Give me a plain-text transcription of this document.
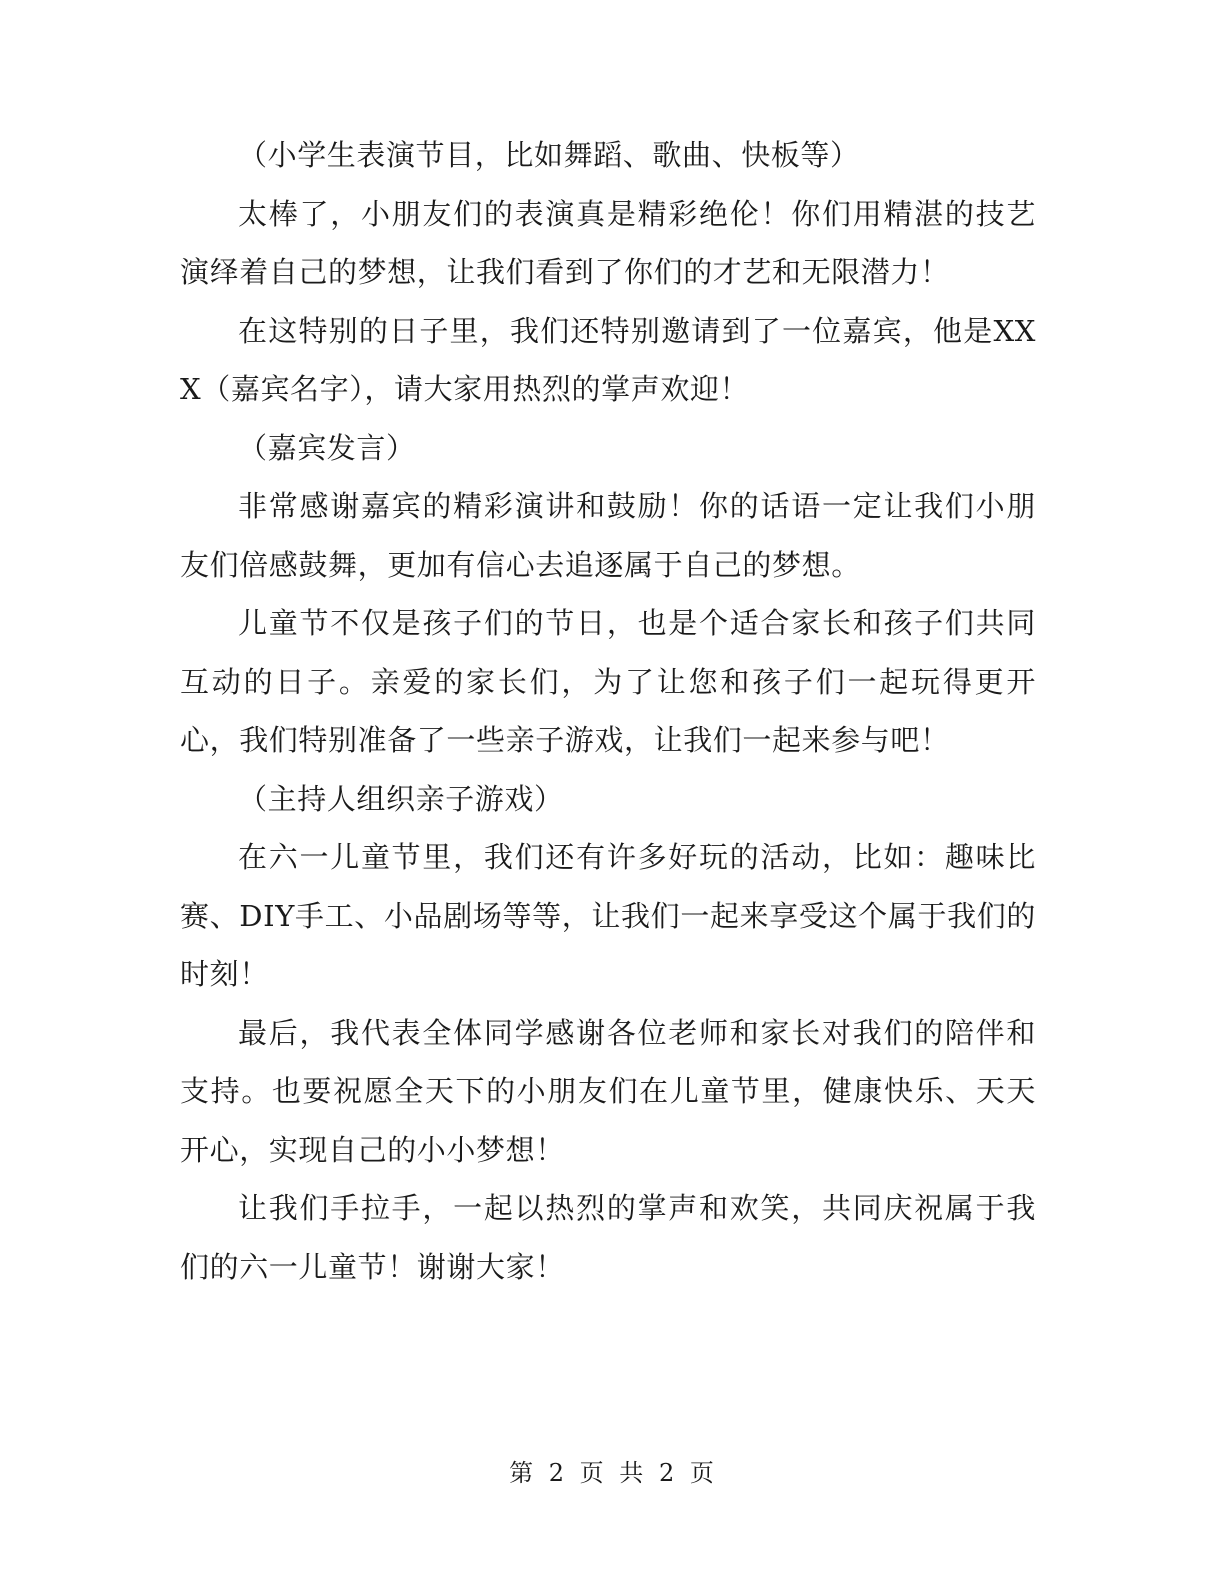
（小学生表演节目，比如舞蹈、歌曲、快板等）

太棒了，小朋友们的表演真是精彩绝伦！你们用精湛的技艺演绎着自己的梦想，让我们看到了你们的才艺和无限潜力！

在这特别的日子里，我们还特别邀请到了一位嘉宾，他是XXX（嘉宾名字），请大家用热烈的掌声欢迎！

（嘉宾发言）

非常感谢嘉宾的精彩演讲和鼓励！你的话语一定让我们小朋友们倍感鼓舞，更加有信心去追逐属于自己的梦想。

儿童节不仅是孩子们的节日，也是个适合家长和孩子们共同互动的日子。亲爱的家长们，为了让您和孩子们一起玩得更开心，我们特别准备了一些亲子游戏，让我们一起来参与吧！

（主持人组织亲子游戏）

在六一儿童节里，我们还有许多好玩的活动，比如：趣味比赛、DIY手工、小品剧场等等，让我们一起来享受这个属于我们的时刻！

最后，我代表全体同学感谢各位老师和家长对我们的陪伴和支持。也要祝愿全天下的小朋友们在儿童节里，健康快乐、天天开心，实现自己的小小梦想！

让我们手拉手，一起以热烈的掌声和欢笑，共同庆祝属于我们的六一儿童节！谢谢大家！

第 2 页 共 2 页
